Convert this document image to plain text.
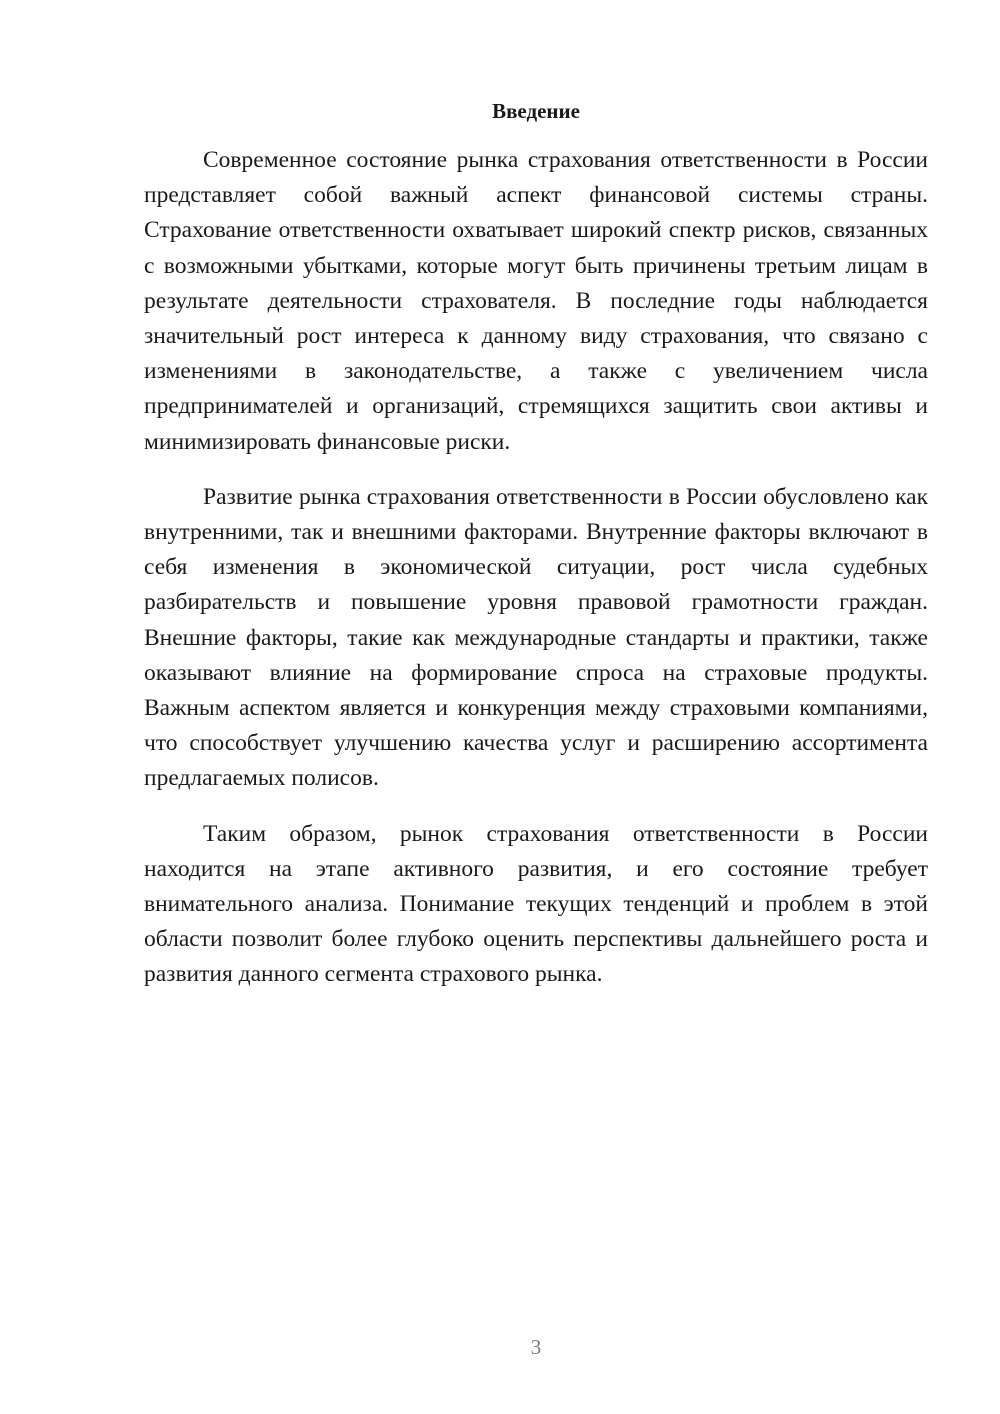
Введение

Современное состояние рынка страхования ответственности в России представляет собой важный аспект финансовой системы страны. Страхование ответственности охватывает широкий спектр рисков, связанных с возможными убытками, которые могут быть причинены третьим лицам в результате деятельности страхователя. В последние годы наблюдается значительный рост интереса к данному виду страхования, что связано с изменениями в законодательстве, а также с увеличением числа предпринимателей и организаций, стремящихся защитить свои активы и минимизировать финансовые риски.

Развитие рынка страхования ответственности в России обусловлено как внутренними, так и внешними факторами. Внутренние факторы включают в себя изменения в экономической ситуации, рост числа судебных разбирательств и повышение уровня правовой грамотности граждан. Внешние факторы, такие как международные стандарты и практики, также оказывают влияние на формирование спроса на страховые продукты. Важным аспектом является и конкуренция между страховыми компаниями, что способствует улучшению качества услуг и расширению ассортимента предлагаемых полисов.

Таким образом, рынок страхования ответственности в России находится на этапе активного развития, и его состояние требует внимательного анализа. Понимание текущих тенденций и проблем в этой области позволит более глубоко оценить перспективы дальнейшего роста и развития данного сегмента страхового рынка.

3
